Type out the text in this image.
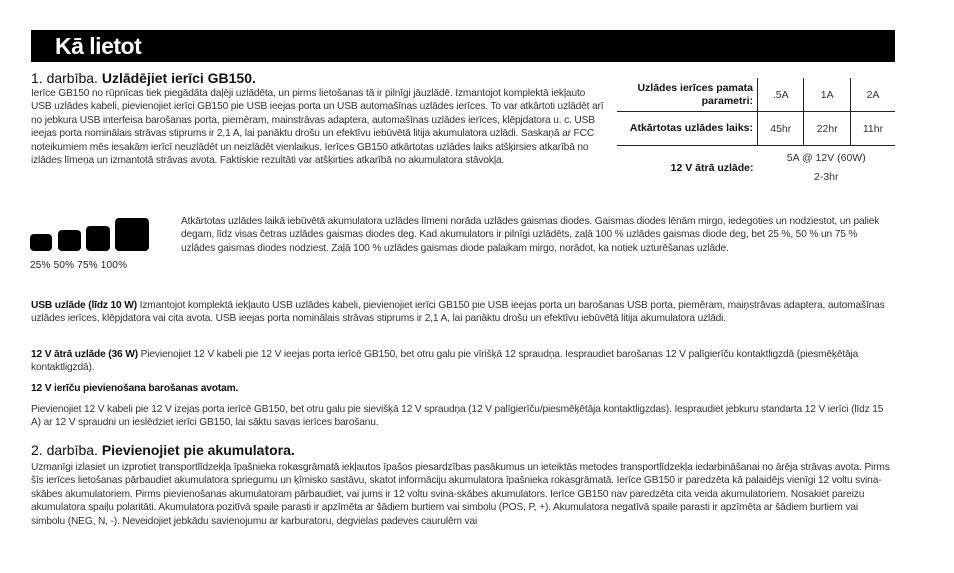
Kā lietot
1. darbība. Uzlādējiet ierīci GB150.

Ierīce GB150 no rūpnīcas tiek piegādāta daļēji uzlādēta, un pirms lietošanas tā ir pilnīgi jāuzlādē. Izmantojot komplektā iekļauto USB uzlādes kabeli, pievienojiet ierīci GB150 pie USB ieejas porta un USB automašīnas uzlādes ierīces. To var atkārtoti uzlādēt arī no jebkura USB interfeisa barošanas porta, piemēram, mainstrāvas adaptera, automašīnas uzlādes ierīces, klēpjdatora u. c. USB ieejas porta nominālais strāvas stiprums ir 2,1 A, lai panāktu drošu un efektīvu iebūvētā litija akumulatora uzlādi. Saskaņā ar FCC noteikumiem mēs iesakām ierīcī neuzlādēt un neizlādēt vienlaikus. Ierīces GB150 atkārtotas uzlādes laiks atšķirsies atkarībā no izlādes līmeņa un izmantotā strāvas avota. Faktiskie rezultāti var atšķirties atkarībā no akumulatora stāvokļa.

Uzlādes ierīces pamata parametri:	.5A	1A	2A
Atkārtotas uzlādes laiks:	45hr	22hr	11hr
12 V ātrā uzlāde:	5A @ 12V (60W)
2-3hr		
25% 50% 75% 100%

Atkārtotas uzlādes laikā iebūvētā akumulatora uzlādes līmeni norāda uzlādes gaismas diodes. Gaismas diodes lēnām mirgo, iedegoties un nodziestot, un paliek degam, līdz visas četras uzlādes gaismas diodes deg. Kad akumulators ir pilnīgi uzlādēts, zaļā 100 % uzlādes gaismas diode deg, bet 25 %, 50 % un 75 % uzlādes gaismas diodes nodziest. Zaļā 100 % uzlādes gaismas diode palaikam mirgo, norādot, ka notiek uzturēšanas uzlāde.

USB uzlāde (līdz 10 W) Izmantojot komplektā iekļauto USB uzlādes kabeli, pievienojiet ierīci GB150 pie USB ieejas porta un barošanas USB porta, piemēram, maiņstrāvas adaptera, automašīnas uzlādes ierīces, klēpjdatora vai cita avota. USB ieejas porta nominālais strāvas stiprums ir 2,1 A, lai panāktu drošu un efektīvu iebūvētā litija akumulatora uzlādi.

12 V ātrā uzlāde (36 W) Pievienojiet 12 V kabeli pie 12 V ieejas porta ierīcē GB150, bet otru galu pie vīrišķā 12 spraudņa. Iespraudiet barošanas 12 V palīgierīču kontaktligzdā (piesmēķētāja kontaktligzdā).

12 V ierīču pievienošana barošanas avotam.

Pievienojiet 12 V kabeli pie 12 V izejas porta ierīcē GB150, bet otru galu pie sievišķā 12 V spraudņa (12 V palīgierīču/piesmēķētāja kontaktligzdas). Iespraudiet jebkuru standarta 12 V ierīci (līdz 15 A) ar 12 V spraudni un ieslēdziet ierīci GB150, lai sāktu savas ierīces barošanu.

2. darbība. Pievienojiet pie akumulatora.

Uzmanīgi izlasiet un izprotiet transportlīdzekļa īpašnieka rokasgrāmatā iekļautos īpašos piesardzības pasākumus un ieteiktās metodes transportlīdzekļa iedarbināšanai no ārēja strāvas avota. Pirms šīs ierīces lietošanas pārbaudiet akumulatora spriegumu un ķīmisko sastāvu, skatot informāciju akumulatora īpašnieka rokasgrāmatā. Ierīce GB150 ir paredzēta kā palaidējs vienīgi 12 voltu svina-skābes akumulatoriem. Pirms pievienošanas akumulatoram pārbaudiet, vai jums ir 12 voltu svina-skābes akumulators. Ierīce GB150 nav paredzēta cita veida akumulatoriem. Nosakiet pareizu akumulatora spaiļu polaritāti. Akumulatora pozitīvā spaile parasti ir apzīmēta ar šādiem burtiem vai simbolu (POS, P, +). Akumulatora negatīvā spaile parasti ir apzīmēta ar šādiem burtiem vai simbolu (NEG, N, -). Neveidojiet jebkādu savienojumu ar karburatoru, degvielas padeves caurulēm vai
